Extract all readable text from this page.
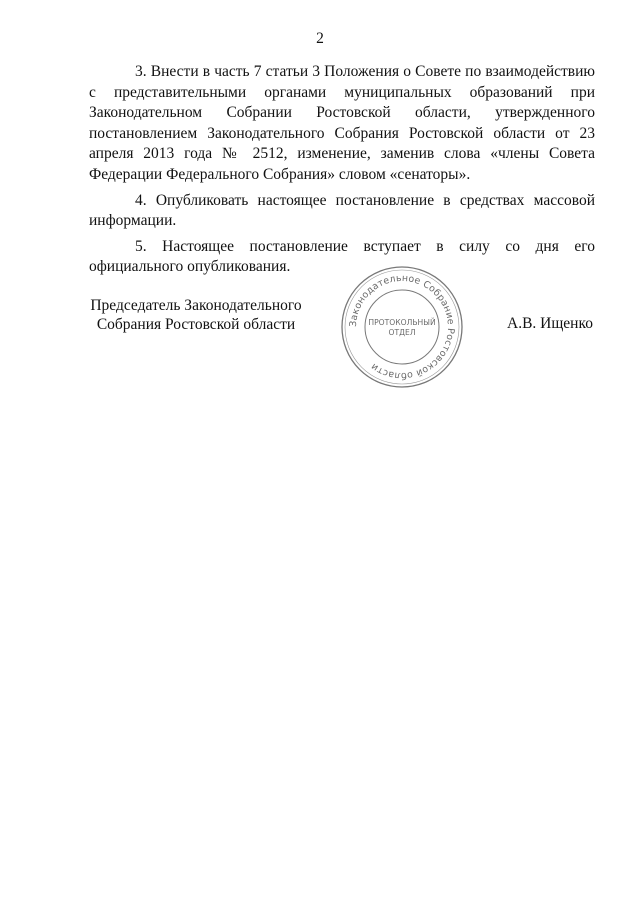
2

3. Внести в часть 7 статьи 3 Положения о Совете по взаимодействию с представительными органами муниципальных образований при Законодательном Собрании Ростовской области, утвержденного постановлением Законодательного Собрания Ростовской области от 23 апреля 2013 года № 2512, изменение, заменив слова «члены Совета Федерации Федерального Собрания» словом «сенаторы».

4. Опубликовать настоящее постановление в средствах массовой информации.

5. Настоящее постановление вступает в силу со дня его официального опубликования.

Председатель Законодательного
Собрания Ростовской области	А.В. Ищенко
Законодательное Собрание Ростовской области
ПРОТОКОЛЬНЫЙ
ОТДЕЛ
